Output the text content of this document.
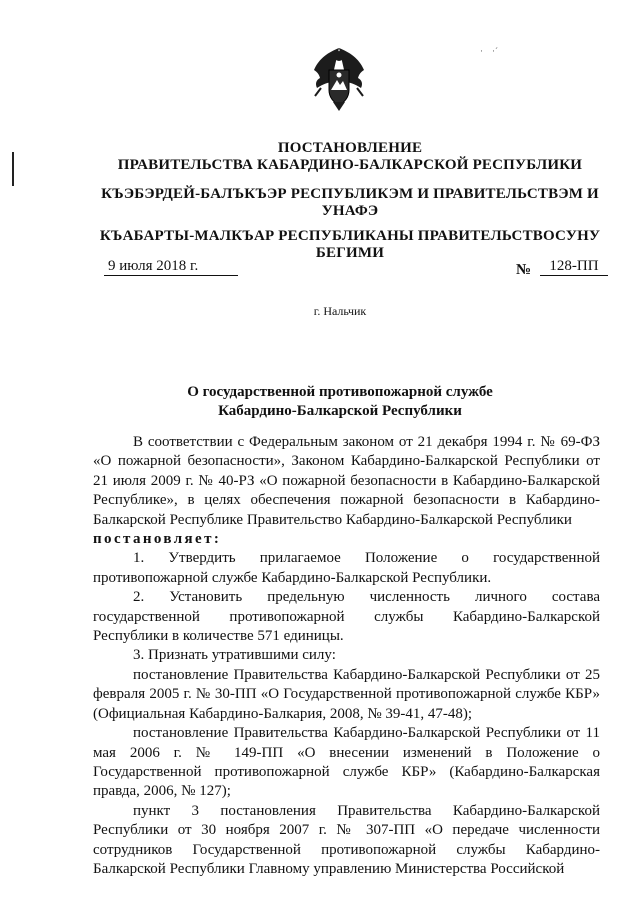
· ·´
ПОСТАНОВЛЕНИЕ
ПРАВИТЕЛЬСТВА КАБАРДИНО-БАЛКАРСКОЙ РЕСПУБЛИКИ
КЪЭБЭРДЕЙ-БАЛЪКЪЭР РЕСПУБЛИКЭМ И ПРАВИТЕЛЬСТВЭМ И
УНАФЭ
КЪАБАРТЫ-МАЛКЪАР РЕСПУБЛИКАНЫ ПРАВИТЕЛЬСТВОСУНУ
БЕГИМИ
9 июля 2018 г.	№	128-ПП
г. Нальчик
О государственной противопожарной службе
Кабардино-Балкарской Республики

В соответствии с Федеральным законом от 21 декабря 1994 г. № 69-ФЗ «О пожарной безопасности», Законом Кабардино-Балкарской Республики от 21 июля 2009 г. № 40-РЗ «О пожарной безопасности в Кабардино-Балкарской Республике», в целях обеспечения пожарной безопасности в Кабардино-Балкарской Республике Правительство Кабардино-Балкарской Республики

постановляет:

1. Утвердить прилагаемое Положение о государственной противопожарной службе Кабардино-Балкарской Республики.

2. Установить предельную численность личного состава государственной противопожарной службы Кабардино-Балкарской Республики в количестве 571 единицы.

3. Признать утратившими силу:

постановление Правительства Кабардино-Балкарской Республики от 25 февраля 2005 г. № 30-ПП «О Государственной противопожарной службе КБР» (Официальная Кабардино-Балкария, 2008, № 39-41, 47-48);

постановление Правительства Кабардино-Балкарской Республики от 11 мая 2006 г. № 149-ПП «О внесении изменений в Положение о Государственной противопожарной службе КБР» (Кабардино-Балкарская правда, 2006, № 127);

пункт 3 постановления Правительства Кабардино-Балкарской Республики от 30 ноября 2007 г. № 307-ПП «О передаче численности сотрудников Государственной противопожарной службы Кабардино-Балкарской Республики Главному управлению Министерства Российской
